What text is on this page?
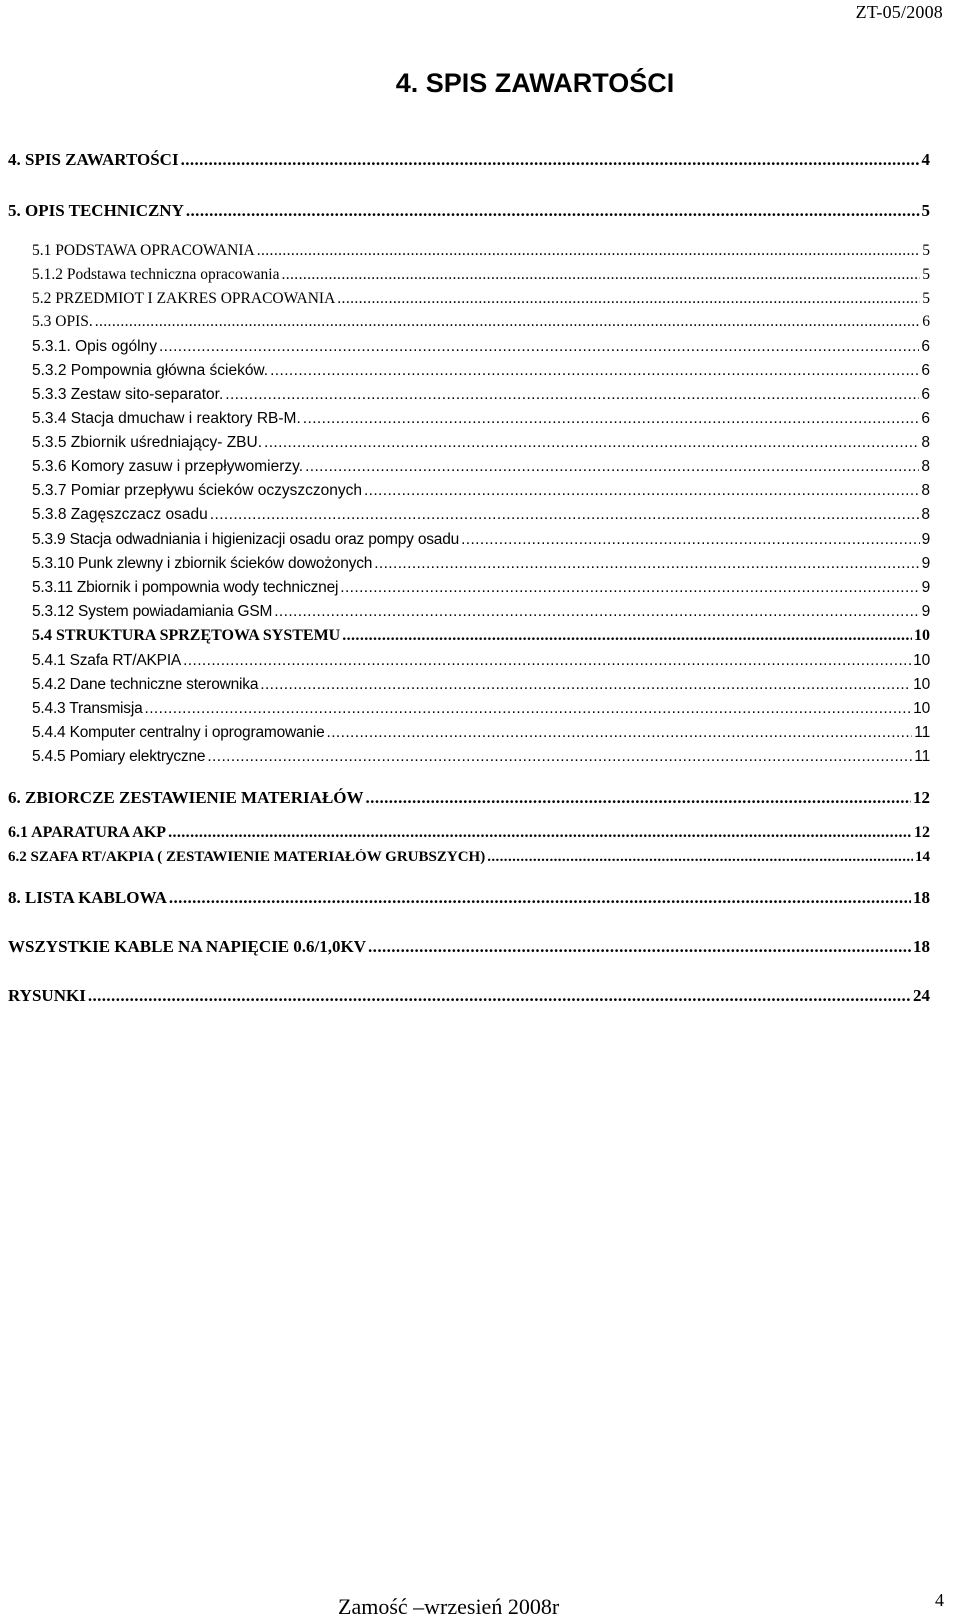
ZT-05/2008
4. SPIS ZAWARTOŚCI
4. SPIS ZAWARTOŚCI .....	4
5. OPIS TECHNICZNY .....	5
5.1 PODSTAWA OPRACOWANIA .....	5
5.1.2 Podstawa techniczna opracowania .....	5
5.2 PRZEDMIOT I ZAKRES OPRACOWANIA .....	5
5.3 OPIS. .....	6
5.3.1. Opis ogólny .....	6
5.3.2 Pompownia główna ścieków. .....	6
5.3.3 Zestaw sito-separator. .....	6
5.3.4 Stacja dmuchaw i reaktory RB-M. .....	6
5.3.5 Zbiornik uśredniający- ZBU. .....	8
5.3.6 Komory zasuw i przepływomierzy. .....	8
5.3.7 Pomiar przepływu ścieków oczyszczonych .....	8
5.3.8 Zagęszczacz osadu .....	8
5.3.9 Stacja odwadniania i higienizacji osadu oraz pompy osadu .....	9
5.3.10 Punk zlewny i zbiornik ścieków dowożonych .....	9
5.3.11 Zbiornik i pompownia wody technicznej .....	9
5.3.12 System powiadamiania GSM .....	9
5.4 STRUKTURA SPRZĘTOWA SYSTEMU .....	10
5.4.1 Szafa RT/AKPIA .....	10
5.4.2 Dane techniczne sterownika .....	10
5.4.3 Transmisja .....	10
5.4.4 Komputer centralny i oprogramowanie .....	11
5.4.5 Pomiary elektryczne .....	11
6. ZBIORCZE ZESTAWIENIE MATERIAŁÓW .....	12
6.1 APARATURA AKP .....	12
6.2 SZAFA RT/AKPIA ( ZESTAWIENIE MATERIAŁÓW GRUBSZYCH) .....	14
8. LISTA KABLOWA .....	18
WSZYSTKIE KABLE NA NAPIĘCIE 0.6/1,0KV .....	18
RYSUNKI .....	24
Zamość –wrzesień 2008r	4
